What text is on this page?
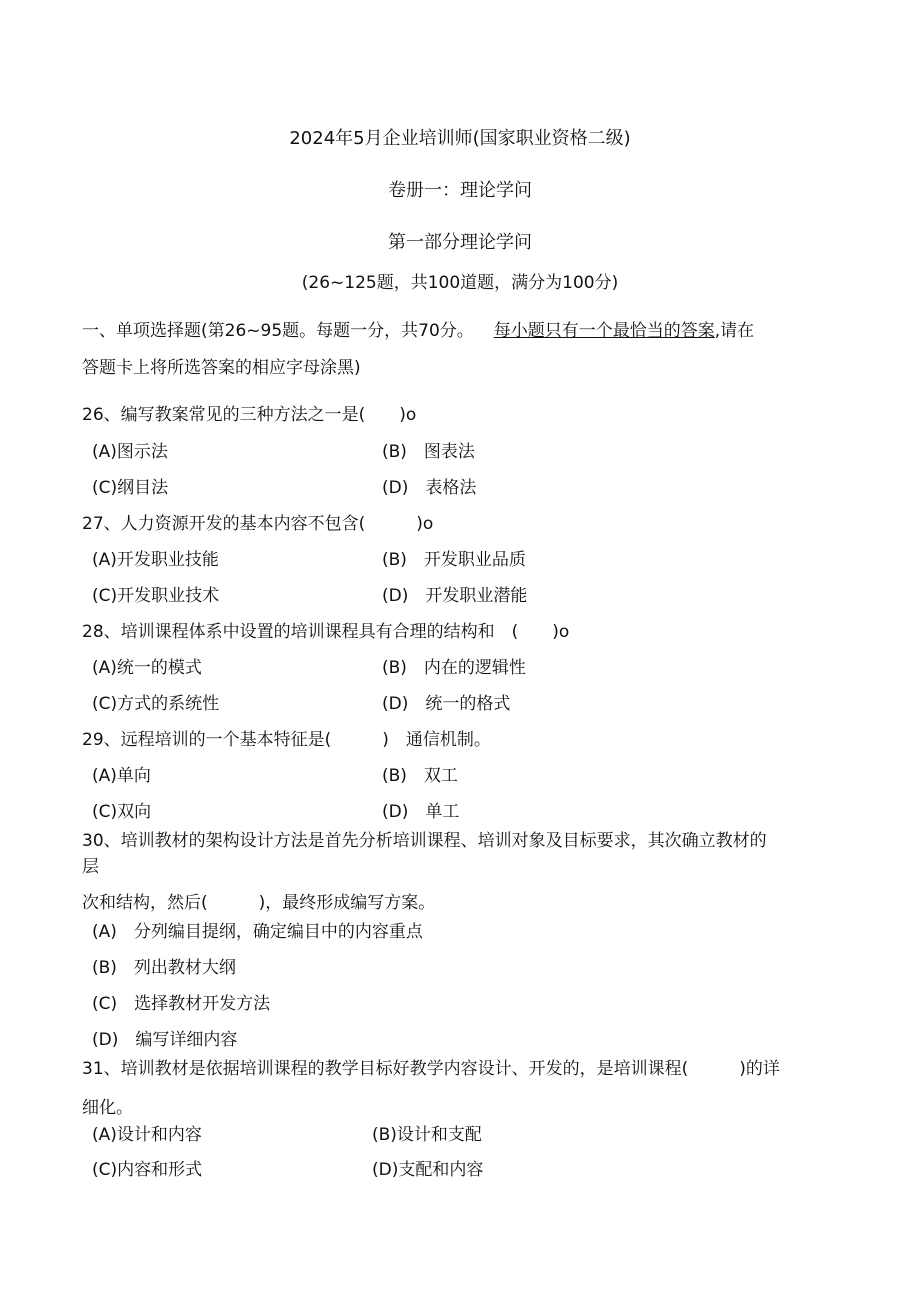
2024年5月企业培训师(国家职业资格二级)
卷册一：理论学问
第一部分理论学问
(26~125题，共100道题，满分为100分)
一、单项选择题(第26~95题。每题一分，共70分。 每小题只有一个最恰当的答案,请在
答题卡上将所选答案的相应字母涂黑)
26、编写教案常见的三种方法之一是(　　)o
(A)图示法	(B)　图表法
(C)纲目法	(D)　表格法
27、人力资源开发的基本内容不包含(　　　)o
(A)开发职业技能	(B)　开发职业品质
(C)开发职业技术	(D)　开发职业潜能
28、培训课程体系中设置的培训课程具有合理的结构和　(　　)o
(A)统一的模式	(B)　内在的逻辑性
(C)方式的系统性	(D)　统一的格式
29、远程培训的一个基本特征是(　　　)　通信机制。
(A)单向	(B)　双工
(C)双向	(D)　单工
30、培训教材的架构设计方法是首先分析培训课程、培训对象及目标要求，其次确立教材的
层
次和结构，然后(　　　)，最终形成编写方案。
(A)　分列编目提纲，确定编目中的内容重点
(B)　列出教材大纲
(C)　选择教材开发方法
(D)　编写详细内容
31、培训教材是依据培训课程的教学目标好教学内容设计、开发的，是培训课程(　　　)的详
细化。
(A)设计和内容	(B)设计和支配
(C)内容和形式	(D)支配和内容
